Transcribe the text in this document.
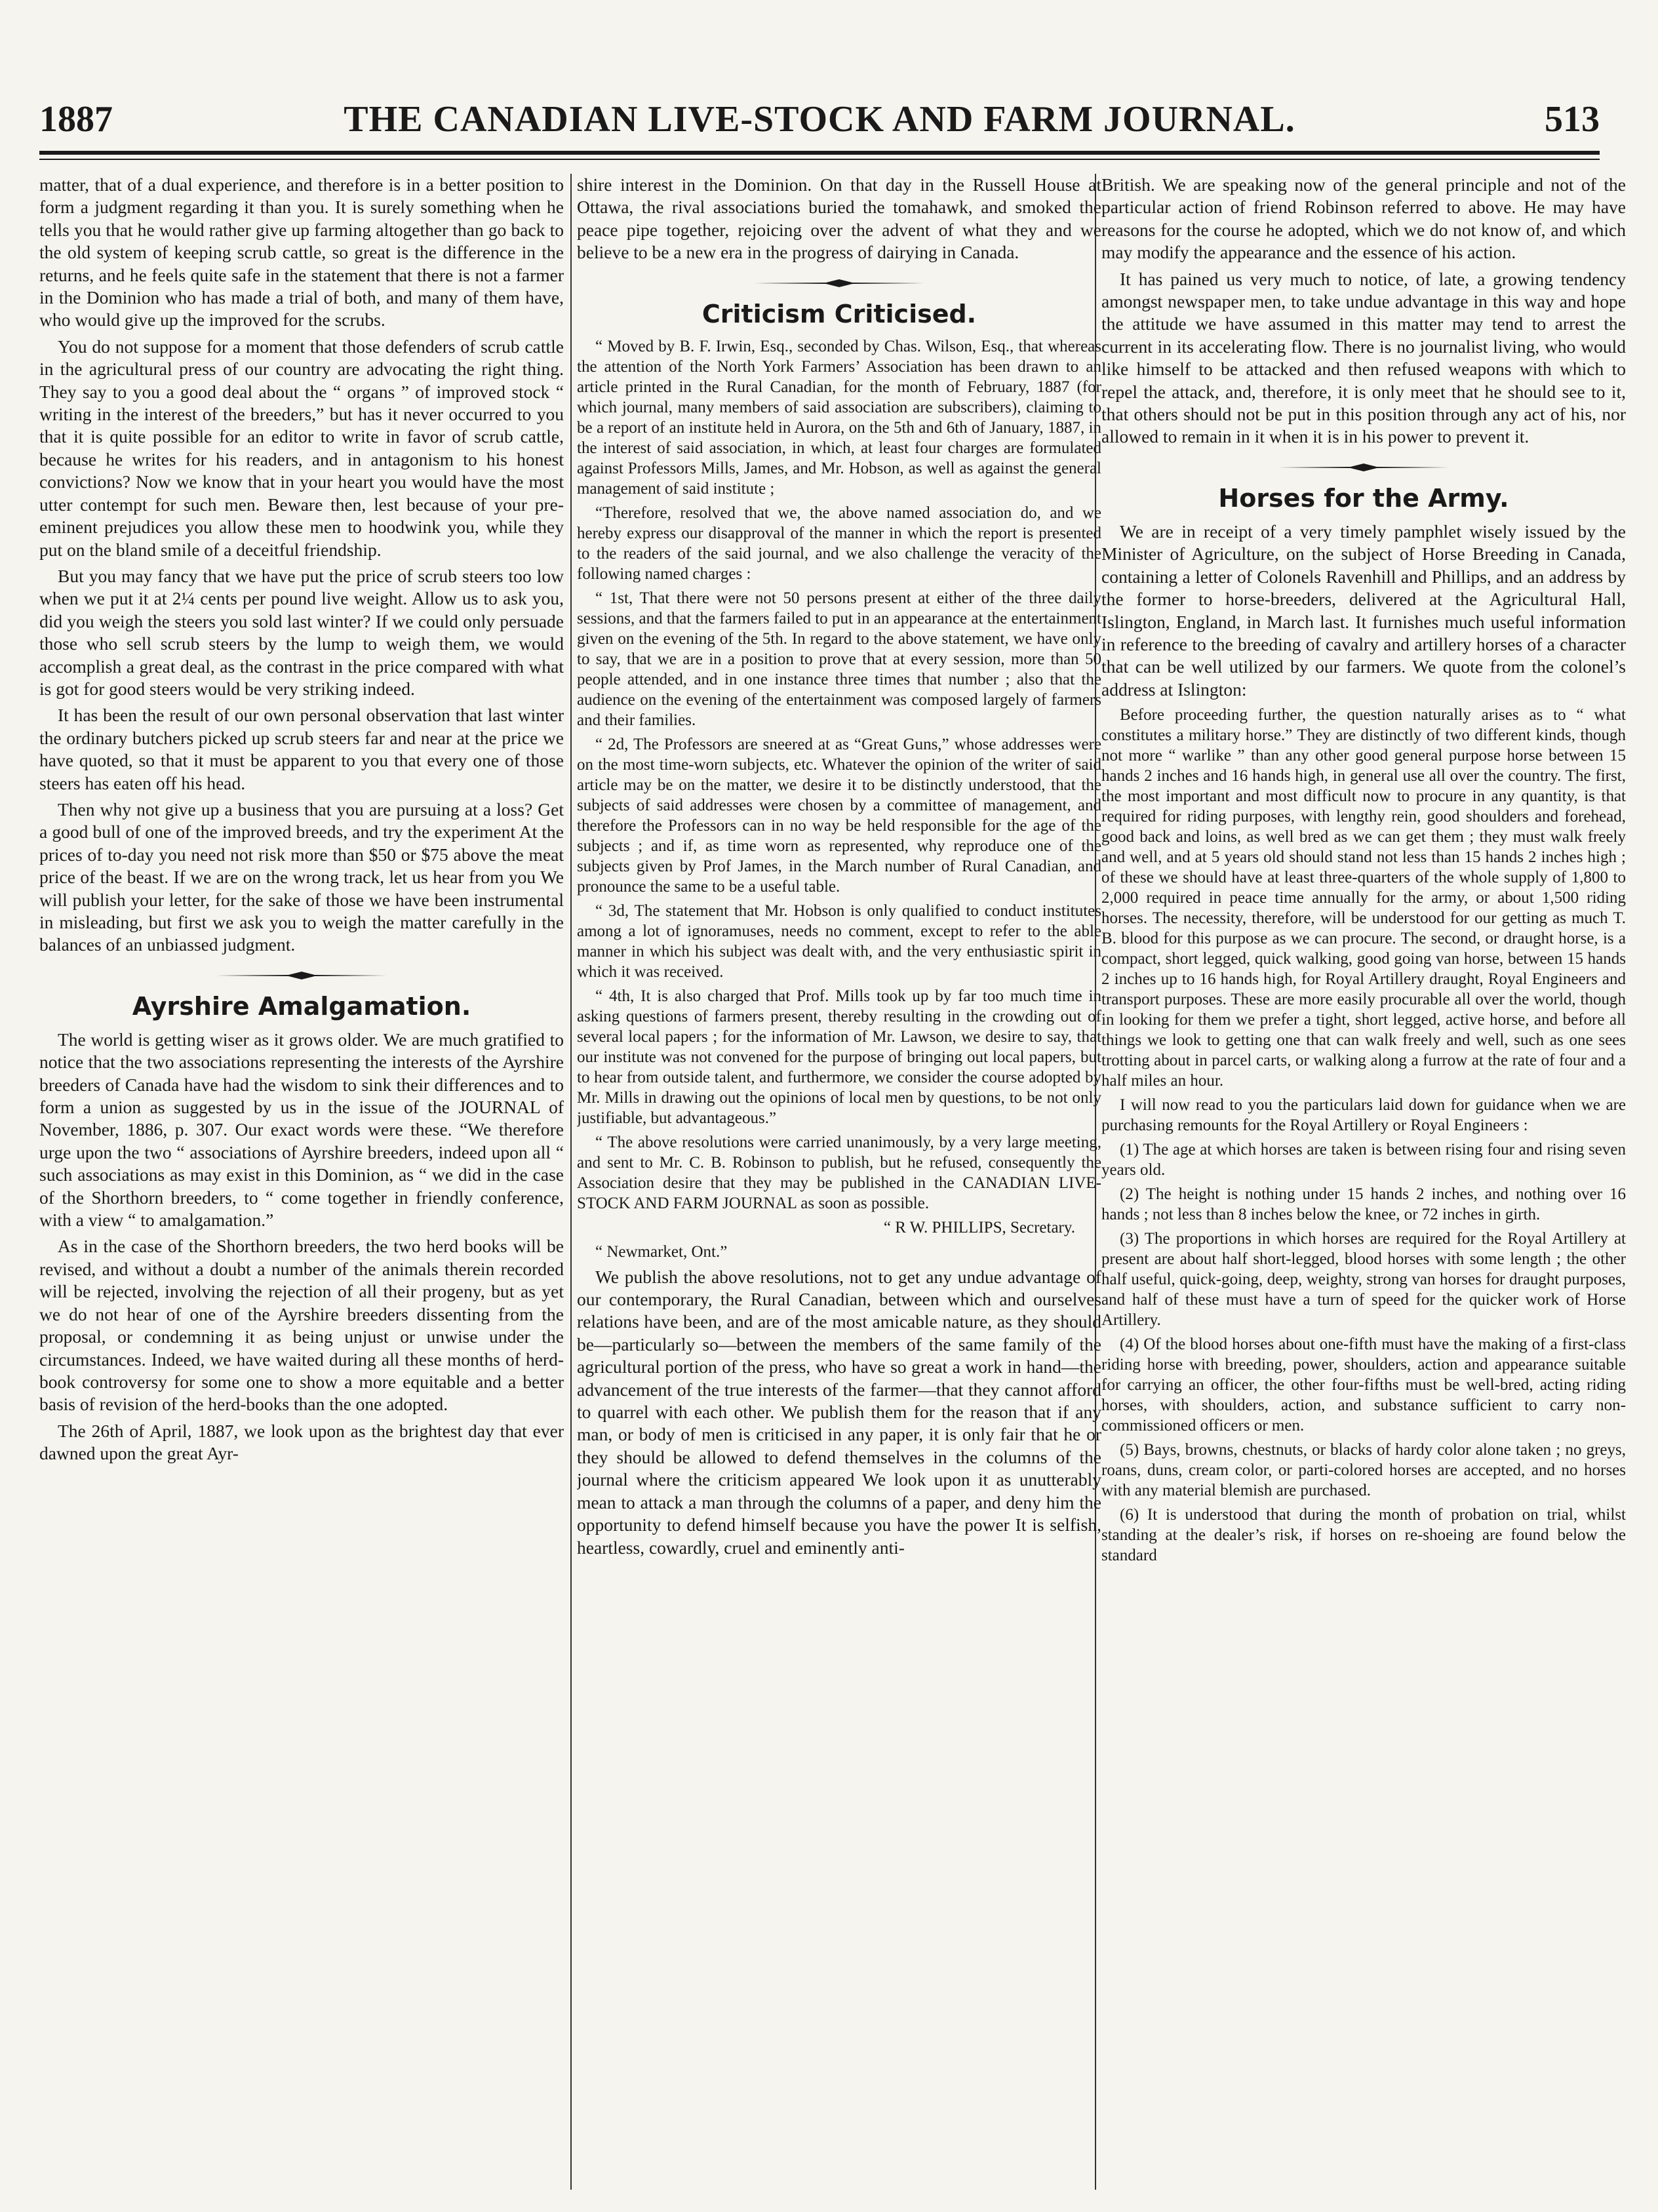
1887	THE CANADIAN LIVE-STOCK AND FARM JOURNAL.	513

matter, that of a dual experience, and therefore is in a better position to form a judgment regarding it than you. It is surely something when he tells you that he would rather give up farming altogether than go back to the old system of keeping scrub cattle, so great is the difference in the returns, and he feels quite safe in the statement that there is not a farmer in the Dominion who has made a trial of both, and many of them have, who would give up the improved for the scrubs.

You do not suppose for a moment that those defenders of scrub cattle in the agricultural press of our country are advocating the right thing. They say to you a good deal about the “ organs ” of improved stock “ writing in the interest of the breeders,” but has it never occurred to you that it is quite possible for an editor to write in favor of scrub cattle, because he writes for his readers, and in antagonism to his honest convictions? Now we know that in your heart you would have the most utter contempt for such men. Beware then, lest because of your pre-eminent prejudices you allow these men to hoodwink you, while they put on the bland smile of a deceitful friendship.

But you may fancy that we have put the price of scrub steers too low when we put it at 2¼ cents per pound live weight. Allow us to ask you, did you weigh the steers you sold last winter? If we could only persuade those who sell scrub steers by the lump to weigh them, we would accomplish a great deal, as the contrast in the price compared with what is got for good steers would be very striking indeed.

It has been the result of our own personal observation that last winter the ordinary butchers picked up scrub steers far and near at the price we have quoted, so that it must be apparent to you that every one of those steers has eaten off his head.

Then why not give up a business that you are pursuing at a loss? Get a good bull of one of the improved breeds, and try the experiment At the prices of to-day you need not risk more than $50 or $75 above the meat price of the beast. If we are on the wrong track, let us hear from you We will publish your letter, for the sake of those we have been instrumental in misleading, but first we ask you to weigh the matter carefully in the balances of an unbiassed judgment.

Ayrshire Amalgamation.

The world is getting wiser as it grows older. We are much gratified to notice that the two associations representing the interests of the Ayrshire breeders of Canada have had the wisdom to sink their differences and to form a union as suggested by us in the issue of the JOURNAL of November, 1886, p. 307. Our exact words were these. “We therefore urge upon the two “ associations of Ayrshire breeders, indeed upon all “ such associations as may exist in this Dominion, as “ we did in the case of the Shorthorn breeders, to “ come together in friendly conference, with a view “ to amalgamation.”

As in the case of the Shorthorn breeders, the two herd books will be revised, and without a doubt a number of the animals therein recorded will be rejected, involving the rejection of all their progeny, but as yet we do not hear of one of the Ayrshire breeders dissenting from the proposal, or condemning it as being unjust or unwise under the circumstances. Indeed, we have waited during all these months of herd-book controversy for some one to show a more equitable and a better basis of revision of the herd-books than the one adopted.

The 26th of April, 1887, we look upon as the brightest day that ever dawned upon the great Ayr-

shire interest in the Dominion. On that day in the Russell House at Ottawa, the rival associations buried the tomahawk, and smoked the peace pipe together, rejoicing over the advent of what they and we believe to be a new era in the progress of dairying in Canada.

Criticism Criticised.

“ Moved by B. F. Irwin, Esq., seconded by Chas. Wilson, Esq., that whereas the attention of the North York Farmers’ Association has been drawn to an article printed in the Rural Canadian, for the month of February, 1887 (for which journal, many members of said association are subscribers), claiming to be a report of an institute held in Aurora, on the 5th and 6th of January, 1887, in the interest of said association, in which, at least four charges are formulated against Professors Mills, James, and Mr. Hobson, as well as against the general management of said institute ;

“Therefore, resolved that we, the above named association do, and we hereby express our disapproval of the manner in which the report is presented to the readers of the said journal, and we also challenge the veracity of the following named charges :

“ 1st, That there were not 50 persons present at either of the three daily sessions, and that the farmers failed to put in an appearance at the entertainment given on the evening of the 5th. In regard to the above statement, we have only to say, that we are in a position to prove that at every session, more than 50 people attended, and in one instance three times that number ; also that the audience on the evening of the entertainment was composed largely of farmers and their families.

“ 2d, The Professors are sneered at as “Great Guns,” whose addresses were on the most time-worn subjects, etc. Whatever the opinion of the writer of said article may be on the matter, we desire it to be distinctly understood, that the subjects of said addresses were chosen by a committee of management, and therefore the Professors can in no way be held responsible for the age of the subjects ; and if, as time worn as represented, why reproduce one of the subjects given by Prof James, in the March number of Rural Canadian, and pronounce the same to be a useful table.

“ 3d, The statement that Mr. Hobson is only qualified to conduct institutes among a lot of ignoramuses, needs no comment, except to refer to the able manner in which his subject was dealt with, and the very enthusiastic spirit in which it was received.

“ 4th, It is also charged that Prof. Mills took up by far too much time in asking questions of farmers present, thereby resulting in the crowding out of several local papers ; for the information of Mr. Lawson, we desire to say, that our institute was not convened for the purpose of bringing out local papers, but to hear from outside talent, and furthermore, we consider the course adopted by Mr. Mills in drawing out the opinions of local men by questions, to be not only justifiable, but advantageous.”

“ The above resolutions were carried unanimously, by a very large meeting, and sent to Mr. C. B. Robinson to publish, but he refused, consequently the Association desire that they may be published in the CANADIAN LIVE-STOCK AND FARM JOURNAL as soon as possible.

“ R W. PHILLIPS, Secretary.

“ Newmarket, Ont.”

We publish the above resolutions, not to get any undue advantage of our contemporary, the Rural Canadian, between which and ourselves relations have been, and are of the most amicable nature, as they should be—particularly so—between the members of the same family of the agricultural portion of the press, who have so great a work in hand—the advancement of the true interests of the farmer—that they cannot afford to quarrel with each other. We publish them for the reason that if any man, or body of men is criticised in any paper, it is only fair that he or they should be allowed to defend themselves in the columns of the journal where the criticism appeared We look upon it as unutterably mean to attack a man through the columns of a paper, and deny him the opportunity to defend himself because you have the power It is selfish, heartless, cowardly, cruel and eminently anti-

British. We are speaking now of the general principle and not of the particular action of friend Robinson referred to above. He may have reasons for the course he adopted, which we do not know of, and which may modify the appearance and the essence of his action.

It has pained us very much to notice, of late, a growing tendency amongst newspaper men, to take undue advantage in this way and hope the attitude we have assumed in this matter may tend to arrest the current in its accelerating flow. There is no journalist living, who would like himself to be attacked and then refused weapons with which to repel the attack, and, therefore, it is only meet that he should see to it, that others should not be put in this position through any act of his, nor allowed to remain in it when it is in his power to prevent it.

Horses for the Army.

We are in receipt of a very timely pamphlet wisely issued by the Minister of Agriculture, on the subject of Horse Breeding in Canada, containing a letter of Colonels Ravenhill and Phillips, and an address by the former to horse-breeders, delivered at the Agricultural Hall, Islington, England, in March last. It furnishes much useful information in reference to the breeding of cavalry and artillery horses of a character that can be well utilized by our farmers. We quote from the colonel’s address at Islington:

Before proceeding further, the question naturally arises as to “ what constitutes a military horse.” They are distinctly of two different kinds, though not more “ warlike ” than any other good general purpose horse between 15 hands 2 inches and 16 hands high, in general use all over the country. The first, the most important and most difficult now to procure in any quantity, is that required for riding purposes, with lengthy rein, good shoulders and forehead, good back and loins, as well bred as we can get them ; they must walk freely and well, and at 5 years old should stand not less than 15 hands 2 inches high ; of these we should have at least three-quarters of the whole supply of 1,800 to 2,000 required in peace time annually for the army, or about 1,500 riding horses. The necessity, therefore, will be understood for our getting as much T. B. blood for this purpose as we can procure. The second, or draught horse, is a compact, short legged, quick walking, good going van horse, between 15 hands 2 inches up to 16 hands high, for Royal Artillery draught, Royal Engineers and transport purposes. These are more easily procurable all over the world, though in looking for them we prefer a tight, short legged, active horse, and before all things we look to getting one that can walk freely and well, such as one sees trotting about in parcel carts, or walking along a furrow at the rate of four and a half miles an hour.

I will now read to you the particulars laid down for guidance when we are purchasing remounts for the Royal Artillery or Royal Engineers :

(1) The age at which horses are taken is between rising four and rising seven years old.

(2) The height is nothing under 15 hands 2 inches, and nothing over 16 hands ; not less than 8 inches below the knee, or 72 inches in girth.

(3) The proportions in which horses are required for the Royal Artillery at present are about half short-legged, blood horses with some length ; the other half useful, quick-going, deep, weighty, strong van horses for draught purposes, and half of these must have a turn of speed for the quicker work of Horse Artillery.

(4) Of the blood horses about one-fifth must have the making of a first-class riding horse with breeding, power, shoulders, action and appearance suitable for carrying an officer, the other four-fifths must be well-bred, acting riding horses, with shoulders, action, and substance sufficient to carry non-commissioned officers or men.

(5) Bays, browns, chestnuts, or blacks of hardy color alone taken ; no greys, roans, duns, cream color, or parti-colored horses are accepted, and no horses with any material blemish are purchased.

(6) It is understood that during the month of probation on trial, whilst standing at the dealer’s risk, if horses on re-shoeing are found below the standard
